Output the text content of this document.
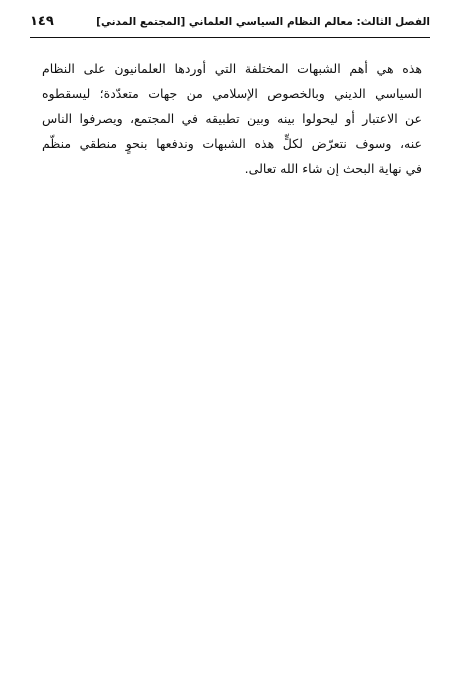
الفصل الثالث: معالم النظام السياسي العلماني [المجتمع المدني]
١٤٩
هذه هي أهم الشبهات المختلفة التي أوردها العلمانيون على النظام
السياسي الديني وبالخصوص الإسلامي من جهات متعدّدة؛ ليسقطوه
عن الاعتبار أو ليحولوا بينه وبين تطبيقه في المجتمع، ويصرفوا الناس
عنه، وسوف نتعرّض لكلٍّ هذه الشبهات وندفعها بنحوٍ منطقي منظّم
في نهاية البحث إن شاء الله تعالى.
